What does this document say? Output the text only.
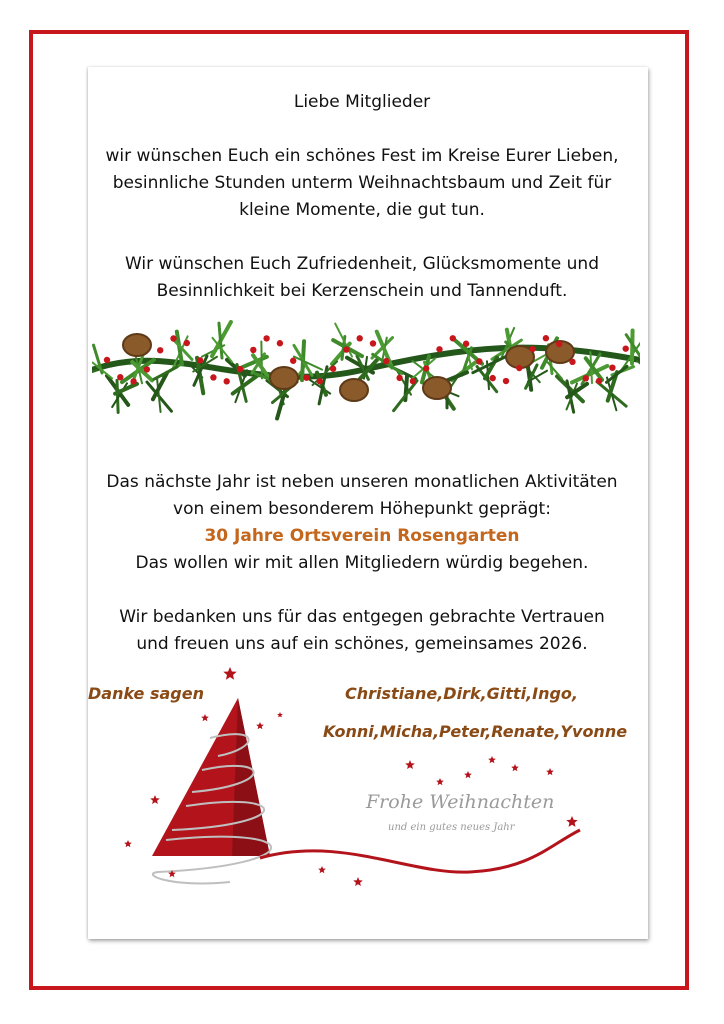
Liebe Mitglieder
wir wünschen Euch ein schönes Fest im Kreise Eurer Lieben,
besinnliche Stunden unterm Weihnachtsbaum und Zeit für
kleine Momente, die gut tun.
Wir wünschen Euch Zufriedenheit, Glücksmomente und
Besinnlichkeit bei Kerzenschein und Tannenduft.
Das nächste Jahr ist neben unseren monatlichen Aktivitäten
von einem besonderem Höhepunkt geprägt:
30 Jahre Ortsverein Rosengarten
Das wollen wir mit allen Mitgliedern würdig begehen.
Wir bedanken uns für das entgegen gebrachte Vertrauen
und freuen uns auf ein schönes, gemeinsames 2026.
Danke sagen	Christiane,Dirk,Gitti,Ingo,
Konni,Micha,Peter,Renate,Yvonne
Frohe Weihnachten
und ein gutes neues Jahr
